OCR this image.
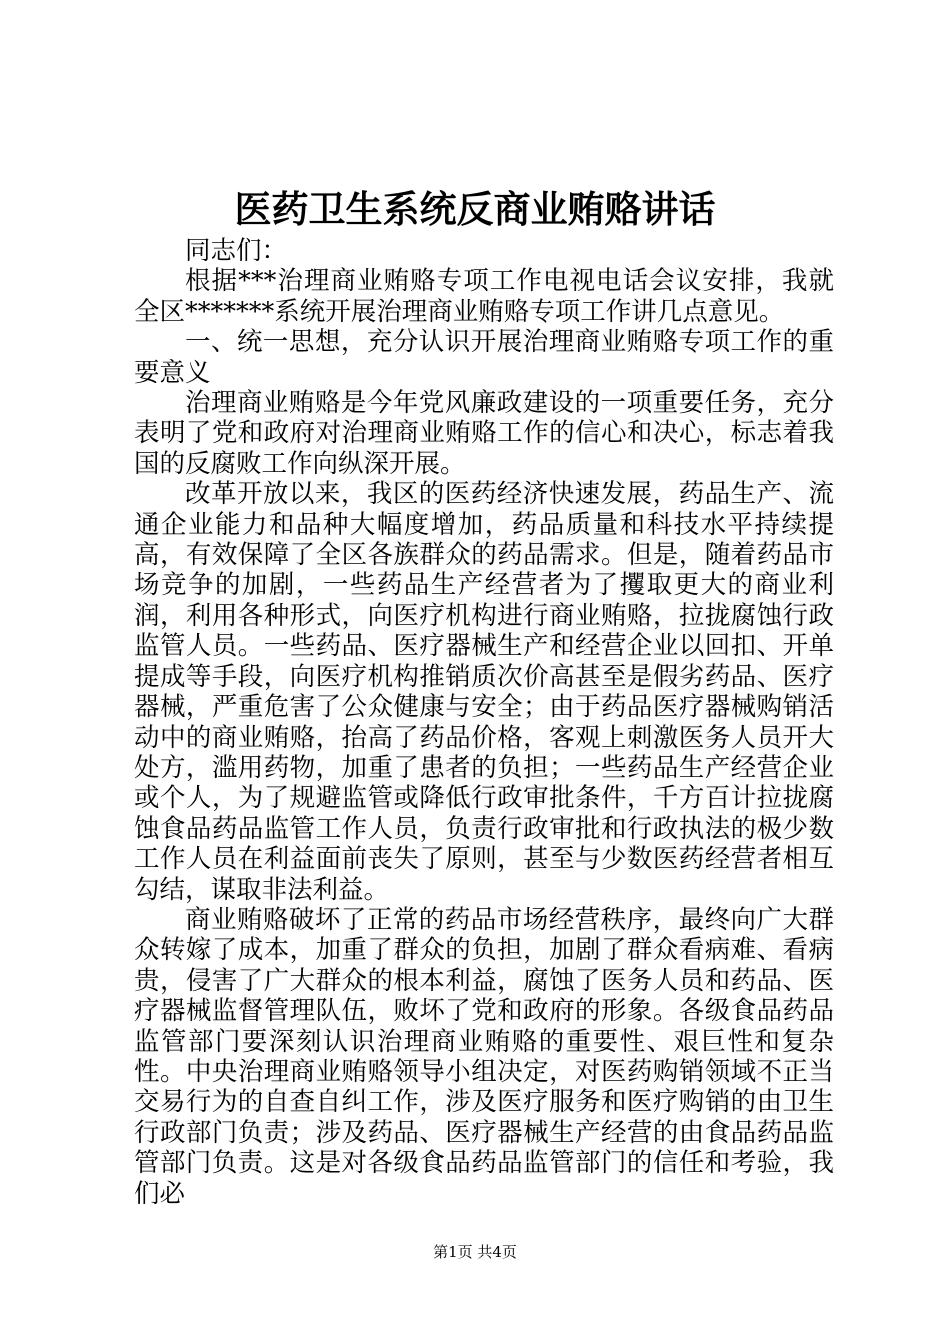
医药卫生系统反商业贿赂讲话

同志们：

根据***治理商业贿赂专项工作电视电话会议安排，我就全区*******系统开展治理商业贿赂专项工作讲几点意见。

一、统一思想，充分认识开展治理商业贿赂专项工作的重要意义

治理商业贿赂是今年党风廉政建设的一项重要任务，充分表明了党和政府对治理商业贿赂工作的信心和决心，标志着我国的反腐败工作向纵深开展。

改革开放以来，我区的医药经济快速发展，药品生产、流通企业能力和品种大幅度增加，药品质量和科技水平持续提高，有效保障了全区各族群众的药品需求。但是，随着药品市场竞争的加剧，一些药品生产经营者为了攫取更大的商业利润，利用各种形式，向医疗机构进行商业贿赂，拉拢腐蚀行政监管人员。一些药品、医疗器械生产和经营企业以回扣、开单提成等手段，向医疗机构推销质次价高甚至是假劣药品、医疗器械，严重危害了公众健康与安全；由于药品医疗器械购销活动中的商业贿赂，抬高了药品价格，客观上刺激医务人员开大处方，滥用药物，加重了患者的负担；一些药品生产经营企业或个人，为了规避监管或降低行政审批条件，千方百计拉拢腐蚀食品药品监管工作人员，负责行政审批和行政执法的极少数工作人员在利益面前丧失了原则，甚至与少数医药经营者相互勾结，谋取非法利益。

商业贿赂破坏了正常的药品市场经营秩序，最终向广大群众转嫁了成本，加重了群众的负担，加剧了群众看病难、看病贵，侵害了广大群众的根本利益，腐蚀了医务人员和药品、医疗器械监督管理队伍，败坏了党和政府的形象。各级食品药品监管部门要深刻认识治理商业贿赂的重要性、艰巨性和复杂性。中央治理商业贿赂领导小组决定，对医药购销领域不正当交易行为的自查自纠工作，涉及医疗服务和医疗购销的由卫生行政部门负责；涉及药品、医疗器械生产经营的由食品药品监管部门负责。这是对各级食品药品监管部门的信任和考验，我们必

第1页 共4页
